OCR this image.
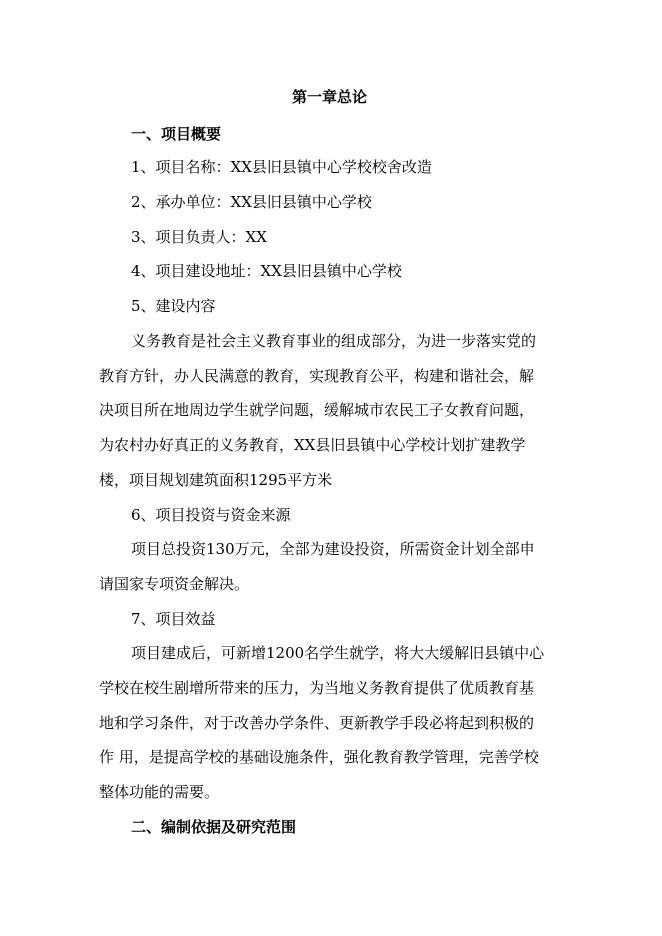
第一章总论
一、项目概要
1、项目名称：XX县旧县镇中心学校校舍改造
2、承办单位：XX县旧县镇中心学校
3、项目负责人：XX
4、项目建设地址：XX县旧县镇中心学校
5、建设内容
义务教育是社会主义教育事业的组成部分，为进一步落实党的
教育方针，办人民满意的教育，实现教育公平，构建和谐社会，解
决项目所在地周边学生就学问题，缓解城市农民工子女教育问题，
为农村办好真正的义务教育，XX县旧县镇中心学校计划扩建教学
楼，项目规划建筑面积1295平方米
6、项目投资与资金来源
项目总投资130万元，全部为建设投资，所需资金计划全部申
请国家专项资金解决。
7、项目效益
项目建成后，可新增1200名学生就学，将大大缓解旧县镇中心
学校在校生剧增所带来的压力，为当地义务教育提供了优质教育基
地和学习条件，对于改善办学条件、更新教学手段必将起到积极的
作 用，是提高学校的基础设施条件，强化教育教学管理，完善学校
整体功能的需要。
二、编制依据及研究范围
